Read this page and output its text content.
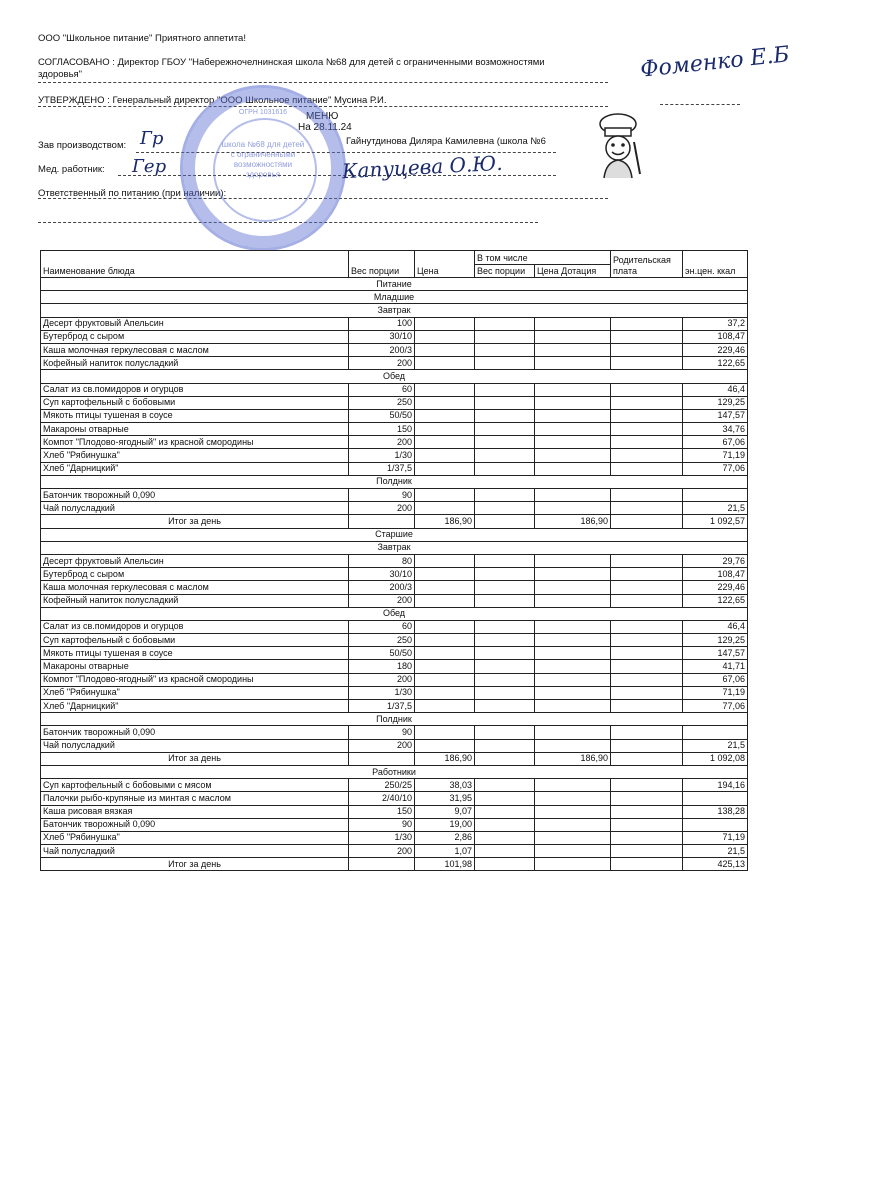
ООО "Школьное питание" Приятного аппетита!
СОГЛАСОВАНО : Директор ГБОУ "Набережночелнинская школа №68 для детей с ограниченными возможностями
здоровья"
УТВЕРЖДЕНО : Генеральный директор "ООО Школьное питание" Мусина Р.И.
МЕНЮ
На 28.11.24
Зав производством:	Гайнутдинова Диляра Камилевна (школа №6
Мед. работник:
Ответственный по питанию (при наличии):
школа №68 для детей
с ограниченными
возможностями
здоровья
ОГРН 1031616
Фоменко Е.Б
Гр
Гер	Капуцева О.Ю.
Наименование блюда	Вес порции	Цена	В том числе		Родительская плата	эн.цен. ккал
			Вес порции	Цена Дотация		
Питание						
Младшие						
Завтрак						
Десерт фруктовый Апельсин	100					37,2
Бутерброд с сыром	30/10					108,47
Каша молочная геркулесовая с маслом	200/3					229,46
Кофейный напиток полусладкий	200					122,65
Обед						
Салат из св.помидоров и огурцов	60					46,4
Суп картофельный с бобовыми	250					129,25
Мякоть птицы тушеная в соусе	50/50					147,57
Макароны отварные	150					34,76
Компот "Плодово-ягодный" из красной смородины	200					67,06
Хлеб "Рябинушка"	1/30					71,19
Хлеб "Дарницкий"	1/37,5					77,06
Полдник						
Батончик творожный 0,090	90					
Чай полусладкий	200					21,5
Итог за день		186,90		186,90		1 092,57
Старшие						
Завтрак						
Десерт фруктовый Апельсин	80					29,76
Бутерброд с сыром	30/10					108,47
Каша молочная геркулесовая с маслом	200/3					229,46
Кофейный напиток полусладкий	200					122,65
Обед						
Салат из св.помидоров и огурцов	60					46,4
Суп картофельный с бобовыми	250					129,25
Мякоть птицы тушеная в соусе	50/50					147,57
Макароны отварные	180					41,71
Компот "Плодово-ягодный" из красной смородины	200					67,06
Хлеб "Рябинушка"	1/30					71,19
Хлеб "Дарницкий"	1/37,5					77,06
Полдник						
Батончик творожный 0,090	90					
Чай полусладкий	200					21,5
Итог за день		186,90		186,90		1 092,08
Работники						
Суп картофельный с бобовыми с мясом	250/25	38,03				194,16
Палочки рыбо-крупяные из минтая с маслом	2/40/10	31,95				
Каша рисовая вязкая	150	9,07				138,28
Батончик творожный 0,090	90	19,00				
Хлеб "Рябинушка"	1/30	2,86				71,19
Чай полусладкий	200	1,07				21,5
Итог за день		101,98				425,13
